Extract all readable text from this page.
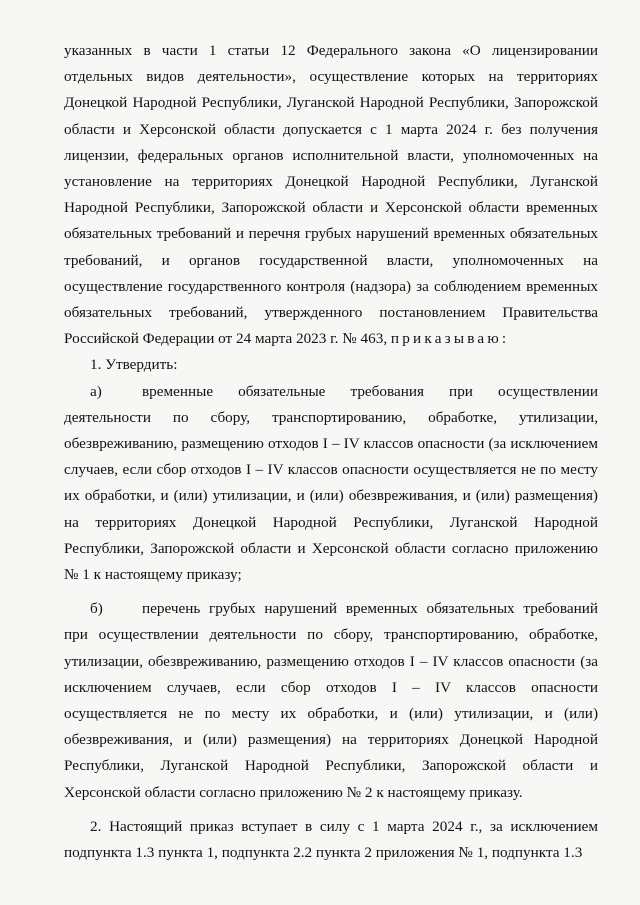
указанных в части 1 статьи 12 Федерального закона «О лицензировании отдельных видов деятельности», осуществление которых на территориях Донецкой Народной Республики, Луганской Народной Республики, Запорожской области и Херсонской области допускается с 1 марта 2024 г. без получения лицензии, федеральных органов исполнительной власти, уполномоченных на установление на территориях Донецкой Народной Республики, Луганской Народной Республики, Запорожской области и Херсонской области временных обязательных требований и перечня грубых нарушений временных обязательных требований, и органов государственной власти, уполномоченных на осуществление государственного контроля (надзора) за соблюдением временных обязательных требований, утвержденного постановлением Правительства Российской Федерации от 24 марта 2023 г. № 463, приказываю:

1. Утвердить:

а)	временные обязательные требования при осуществлении деятельности по сбору, транспортированию, обработке, утилизации, обезвреживанию, размещению отходов I – IV классов опасности (за исключением случаев, если сбор отходов I – IV классов опасности осуществляется не по месту их обработки, и (или) утилизации, и (или) обезвреживания, и (или) размещения) на территориях Донецкой Народной Республики, Луганской Народной Республики, Запорожской области и Херсонской области согласно приложению № 1 к настоящему приказу;

б)	перечень грубых нарушений временных обязательных требований при осуществлении деятельности по сбору, транспортированию, обработке, утилизации, обезвреживанию, размещению отходов I – IV классов опасности (за исключением случаев, если сбор отходов I – IV классов опасности осуществляется не по месту их обработки, и (или) утилизации, и (или) обезвреживания, и (или) размещения) на территориях Донецкой Народной Республики, Луганской Народной Республики, Запорожской области и Херсонской области согласно приложению № 2 к настоящему приказу.

2. Настоящий приказ вступает в силу с 1 марта 2024 г., за исключением подпункта 1.3 пункта 1, подпункта 2.2 пункта 2 приложения № 1, подпункта 1.3
